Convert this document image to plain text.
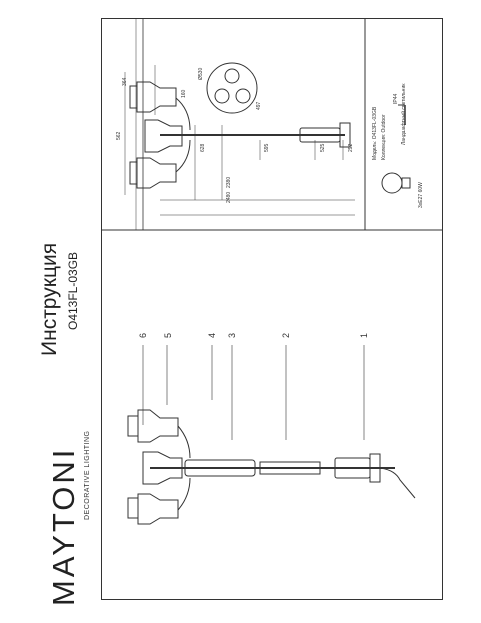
MAYTONI DECORATIVE LIGHTING
Инструкция O413FL-03GB
6 5	4 3	2	1
Модель: O413FL-03GB Коллекция: Outdoor	Ландшафтный светильник
IP44
3xE27 60W
Ø530
497
160
364
562
628	595	525	292
2380
2480
